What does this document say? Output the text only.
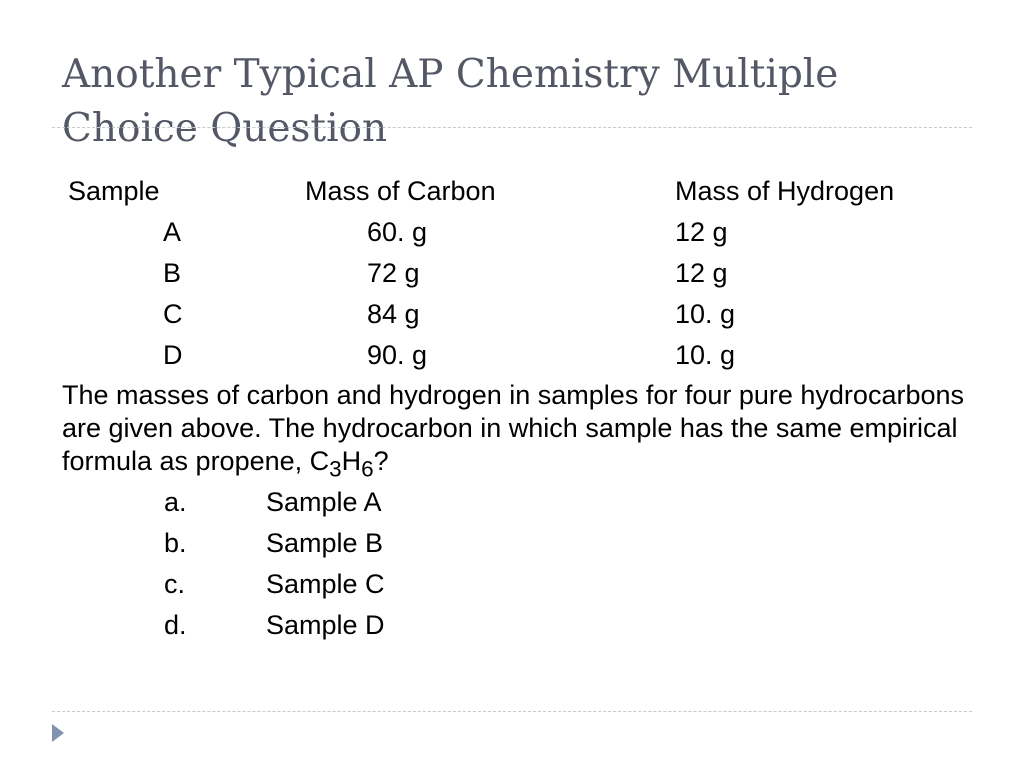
Another Typical AP Chemistry Multiple Choice Question
Sample	Mass of Carbon	Mass of Hydrogen
A	60. g	12 g
B	72 g	12 g
C	84 g	10. g
D	90. g	10. g

The masses of carbon and hydrogen in samples for four pure hydrocarbons are given above. The hydrocarbon in which sample has the same empirical formula as propene, $C_3H_6$?

a.	Sample A
b.	Sample B
c.	Sample C
d.	Sample D
